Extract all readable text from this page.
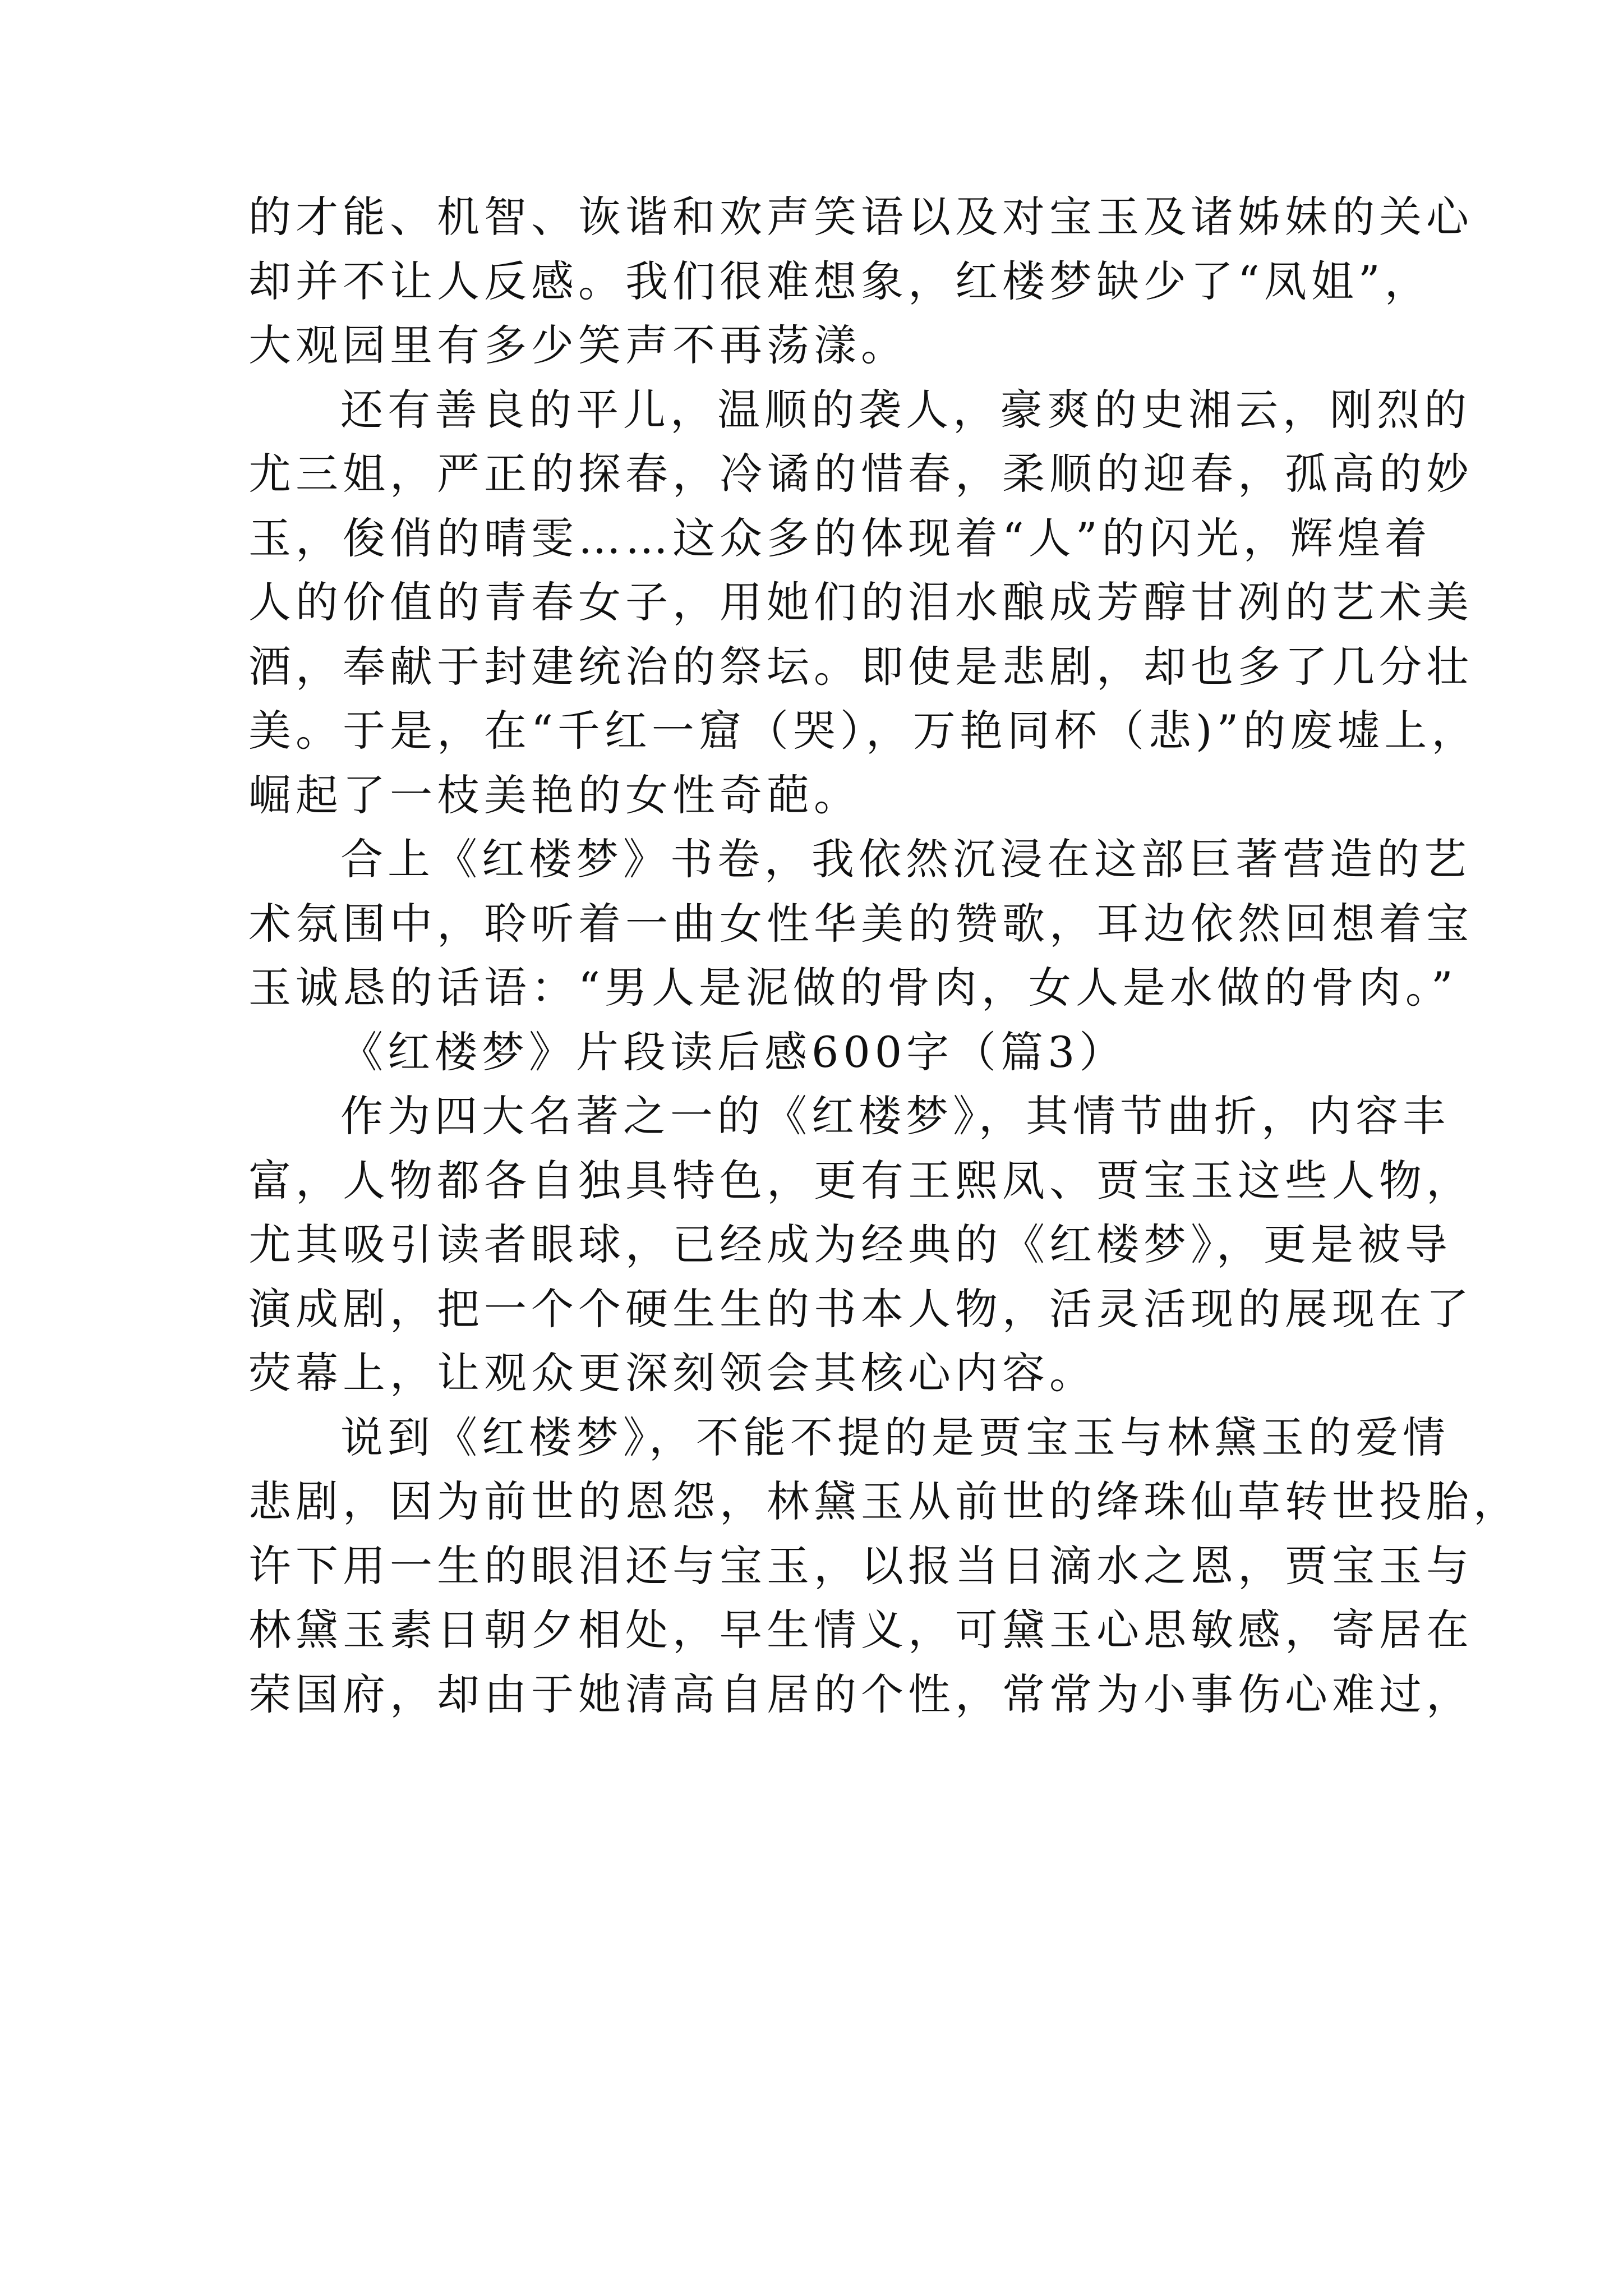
的才能、机智、诙谐和欢声笑语以及对宝玉及诸姊妹的关心
却并不让人反感。我们很难想象，红楼梦缺少了“凤姐”，
大观园里有多少笑声不再荡漾。
还有善良的平儿，温顺的袭人，豪爽的史湘云，刚烈的
尤三姐，严正的探春，冷谲的惜春，柔顺的迎春，孤高的妙
玉，俊俏的晴雯……这众多的体现着“人”的闪光，辉煌着
人的价值的青春女子，用她们的泪水酿成芳醇甘冽的艺术美
酒，奉献于封建统治的祭坛。即使是悲剧，却也多了几分壮
美。于是，在“千红一窟（哭），万艳同杯（悲)”的废墟上，
崛起了一枝美艳的女性奇葩。
合上《红楼梦》书卷，我依然沉浸在这部巨著营造的艺
术氛围中，聆听着一曲女性华美的赞歌，耳边依然回想着宝
玉诚恳的话语：“男人是泥做的骨肉，女人是水做的骨肉。”
《红楼梦》片段读后感600字（篇3）
作为四大名著之一的《红楼梦》，其情节曲折，内容丰
富，人物都各自独具特色，更有王熙凤、贾宝玉这些人物，
尤其吸引读者眼球，已经成为经典的《红楼梦》，更是被导
演成剧，把一个个硬生生的书本人物，活灵活现的展现在了
荧幕上，让观众更深刻领会其核心内容。
说到《红楼梦》，不能不提的是贾宝玉与林黛玉的爱情
悲剧，因为前世的恩怨，林黛玉从前世的绛珠仙草转世投胎，
许下用一生的眼泪还与宝玉，以报当日滴水之恩，贾宝玉与
林黛玉素日朝夕相处，早生情义，可黛玉心思敏感，寄居在
荣国府，却由于她清高自居的个性，常常为小事伤心难过，
